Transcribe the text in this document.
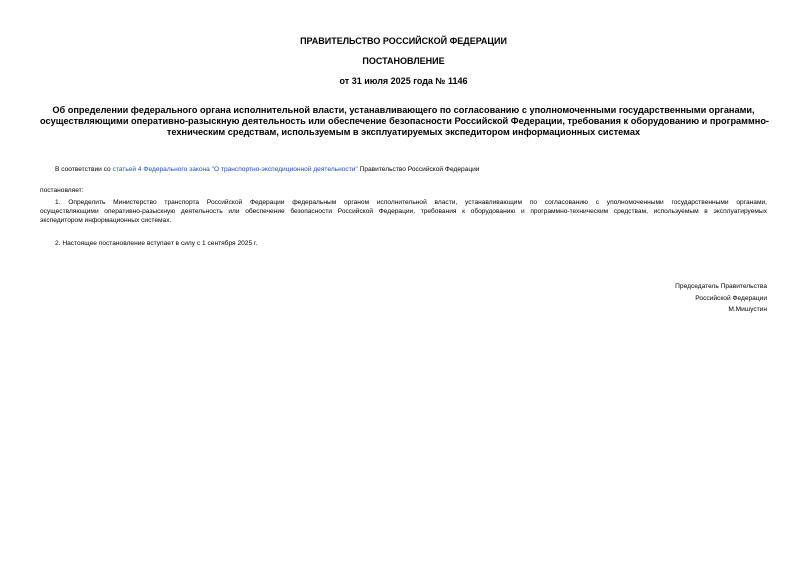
ПРАВИТЕЛЬСТВО РОССИЙСКОЙ ФЕДЕРАЦИИ
ПОСТАНОВЛЕНИЕ
от 31 июля 2025 года № 1146
Об определении федерального органа исполнительной власти, устанавливающего по согласованию с уполномоченными государственными органами,
осуществляющими оперативно-разыскную деятельность или обеспечение безопасности Российской Федерации, требования к оборудованию и программно-
техническим средствам, используемым в эксплуатируемых экспедитором информационных системах
В соответствии со статьей 4 Федерального закона "О транспортно-экспедиционной деятельности" Правительство Российской Федерации
постановляет:
1. Определить Министерство транспорта Российской Федерации федеральным органом исполнительной власти, устанавливающим по согласованию с уполномоченными государственными органами,
осуществляющими оперативно-разыскную деятельность или обеспечение безопасности Российской Федерации, требования к оборудованию и программно-техническим средствам, используемым в эксплуатируемых
экспедитором информационных системах.
2. Настоящее постановление вступает в силу с 1 сентября 2025 г.
Председатель Правительства
Российской Федерации
М.Мишустин
